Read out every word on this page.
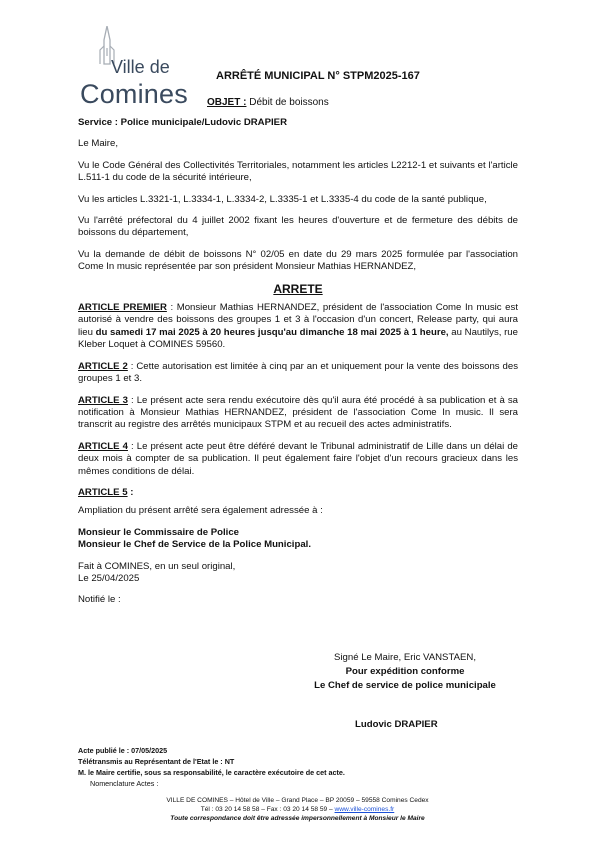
Ville de
Comines
ARRÊTÉ MUNICIPAL N° STPM2025-167
OBJET : Débit de boissons

Service : Police municipale/Ludovic DRAPIER

Le Maire,

Vu le Code Général des Collectivités Territoriales, notamment les articles L2212-1 et suivants et l'article L.511-1 du code de la sécurité intérieure,

Vu les articles L.3321-1, L.3334-1, L.3334-2, L.3335-1 et L.3335-4 du code de la santé publique,

Vu l'arrêté préfectoral du 4 juillet 2002 fixant les heures d'ouverture et de fermeture des débits de boissons du département,

Vu la demande de débit de boissons N° 02/05 en date du 29 mars 2025 formulée par l'association Come In music représentée par son président Monsieur Mathias HERNANDEZ,

ARRETE

ARTICLE PREMIER : Monsieur Mathias HERNANDEZ, président de l'association Come In music est autorisé à vendre des boissons des groupes 1 et 3 à l'occasion d'un concert, Release party, qui aura lieu du samedi 17 mai 2025 à 20 heures jusqu'au dimanche 18 mai 2025 à 1 heure, au Nautilys, rue Kleber Loquet à COMINES 59560.

ARTICLE 2 : Cette autorisation est limitée à cinq par an et uniquement pour la vente des boissons des groupes 1 et 3.

ARTICLE 3 : Le présent acte sera rendu exécutoire dès qu'il aura été procédé à sa publication et à sa notification à Monsieur Mathias HERNANDEZ, président de l'association Come In music. Il sera transcrit au registre des arrêtés municipaux STPM et au recueil des actes administratifs.

ARTICLE 4 : Le présent acte peut être déféré devant le Tribunal administratif de Lille dans un délai de deux mois à compter de sa publication. Il peut également faire l'objet d'un recours gracieux dans les mêmes conditions de délai.

ARTICLE 5 :

Ampliation du présent arrêté sera également adressée à :

Monsieur le Commissaire de Police

Monsieur le Chef de Service de la Police Municipal.

Fait à COMINES, en un seul original,

Le 25/04/2025

Notifié le :

Signé Le Maire, Eric VANSTAEN,
Pour expédition conforme
Le Chef de service de police municipale
Ludovic DRAPIER
Acte publié le : 07/05/2025
Télétransmis au Représentant de l'Etat le : NT
M. le Maire certifie, sous sa responsabilité, le caractère exécutoire de cet acte.
Nomenclature Actes :
VILLE DE COMINES – Hôtel de Ville – Grand Place – BP 20059 – 59558 Comines Cedex
Tél : 03 20 14 58 58 – Fax : 03 20 14 58 59 – www.ville-comines.fr
Toute correspondance doit être adressée impersonnellement à Monsieur le Maire
